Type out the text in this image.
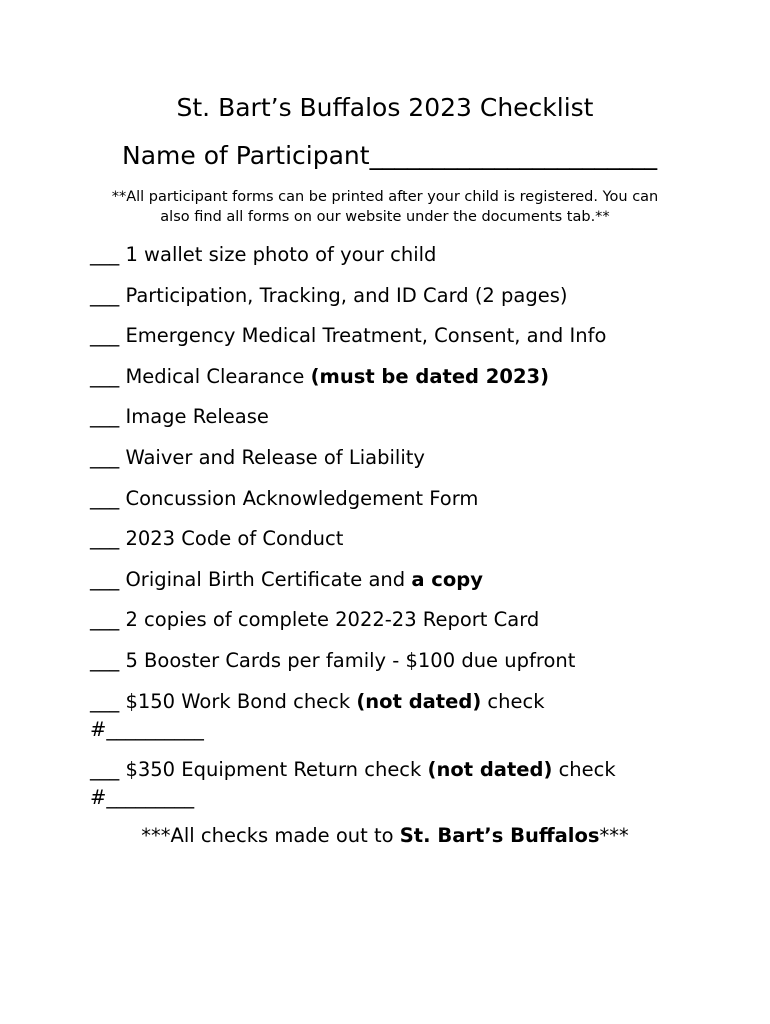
St. Bart’s Buffalos 2023 Checklist
Name of Participant_______________________
**All participant forms can be printed after your child is registered. You can
also find all forms on our website under the documents tab.**
___ 1 wallet size photo of your child
___ Participation, Tracking, and ID Card (2 pages)
___ Emergency Medical Treatment, Consent, and Info
___ Medical Clearance (must be dated 2023)
___ Image Release
___ Waiver and Release of Liability
___ Concussion Acknowledgement Form
___ 2023 Code of Conduct
___ Original Birth Certificate and a copy
___ 2 copies of complete 2022-23 Report Card
___ 5 Booster Cards per family - $100 due upfront
___ $150 Work Bond check (not dated) check
#__________
___ $350 Equipment Return check (not dated) check
#_________
***All checks made out to St. Bart’s Buffalos***
